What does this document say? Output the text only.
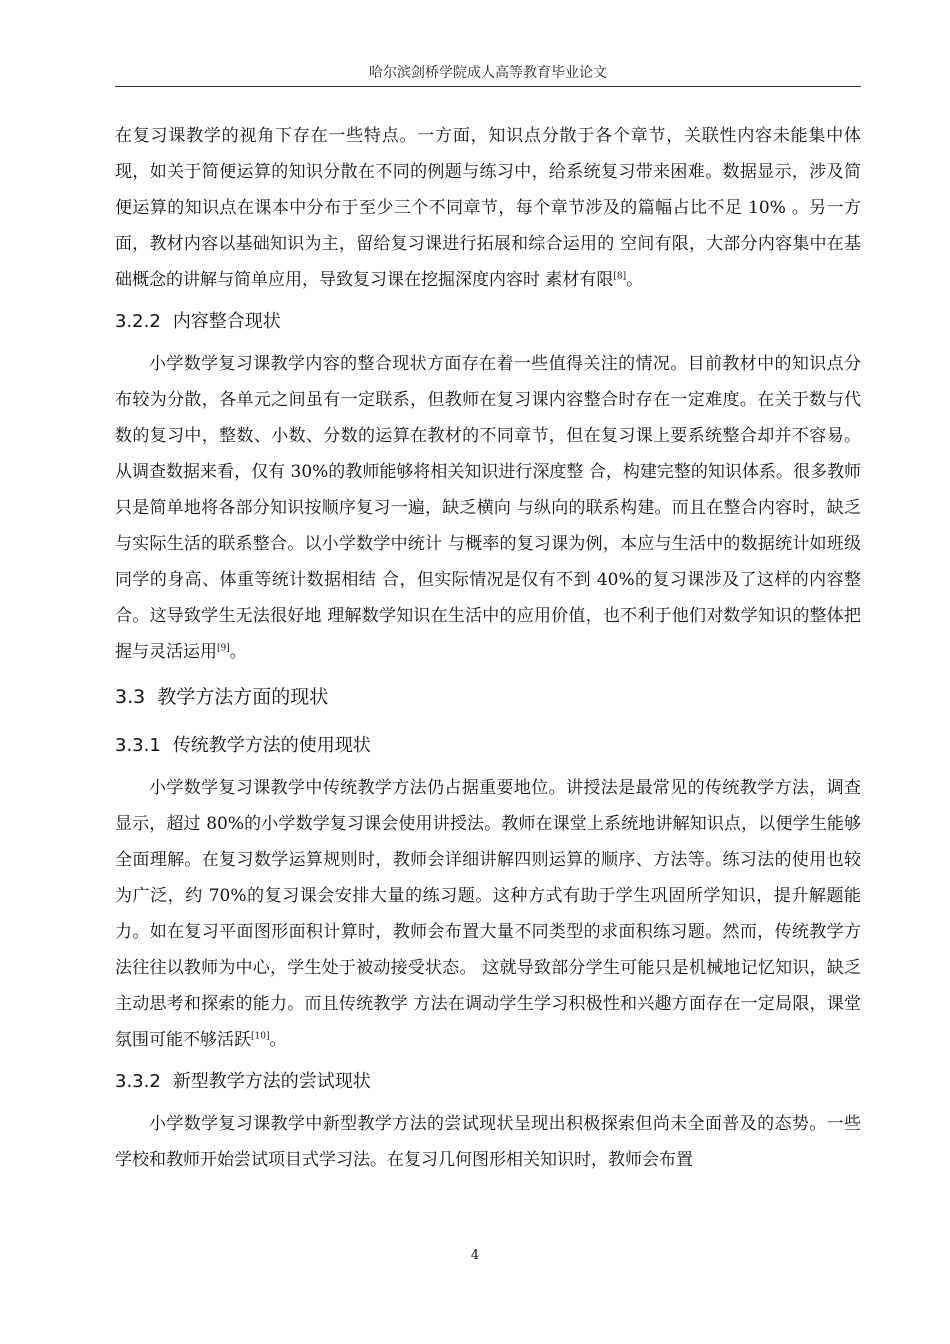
哈尔滨剑桥学院成人高等教育毕业论文

在复习课教学的视角下存在一些特点。一方面，知识点分散于各个章节，关联性内容未能集中体现，如关于简便运算的知识分散在不同的例题与练习中，给系统复习带来困难。数据显示，涉及简便运算的知识点在课本中分布于至少三个不同章节，每个章节涉及的篇幅占比不足 10% 。另一方面，教材内容以基础知识为主，留给复习课进行拓展和综合运用的 空间有限，大部分内容集中在基础概念的讲解与简单应用，导致复习课在挖掘深度内容时 素材有限[8]。

3.2.2 内容整合现状

小学数学复习课教学内容的整合现状方面存在着一些值得关注的情况。目前教材中的知识点分布较为分散，各单元之间虽有一定联系，但教师在复习课内容整合时存在一定难度。在关于数与代数的复习中，整数、小数、分数的运算在教材的不同章节，但在复习课上要系统整合却并不容易。从调查数据来看，仅有 30%的教师能够将相关知识进行深度整 合，构建完整的知识体系。很多教师只是简单地将各部分知识按顺序复习一遍，缺乏横向 与纵向的联系构建。而且在整合内容时，缺乏与实际生活的联系整合。以小学数学中统计 与概率的复习课为例，本应与生活中的数据统计如班级同学的身高、体重等统计数据相结 合，但实际情况是仅有不到 40%的复习课涉及了这样的内容整合。这导致学生无法很好地 理解数学知识在生活中的应用价值，也不利于他们对数学知识的整体把握与灵活运用[9]。

3.3 教学方法方面的现状
3.3.1 传统教学方法的使用现状

小学数学复习课教学中传统教学方法仍占据重要地位。讲授法是最常见的传统教学方法，调查显示，超过 80%的小学数学复习课会使用讲授法。教师在课堂上系统地讲解知识点，以便学生能够全面理解。在复习数学运算规则时，教师会详细讲解四则运算的顺序、方法等。练习法的使用也较为广泛，约 70%的复习课会安排大量的练习题。这种方式有助于学生巩固所学知识，提升解题能力。如在复习平面图形面积计算时，教师会布置大量不同类型的求面积练习题。然而，传统教学方法往往以教师为中心，学生处于被动接受状态。 这就导致部分学生可能只是机械地记忆知识，缺乏主动思考和探索的能力。而且传统教学 方法在调动学生学习积极性和兴趣方面存在一定局限，课堂氛围可能不够活跃[10]。

3.3.2 新型教学方法的尝试现状

小学数学复习课教学中新型教学方法的尝试现状呈现出积极探索但尚未全面普及的态势。一些学校和教师开始尝试项目式学习法。在复习几何图形相关知识时，教师会布置

4
